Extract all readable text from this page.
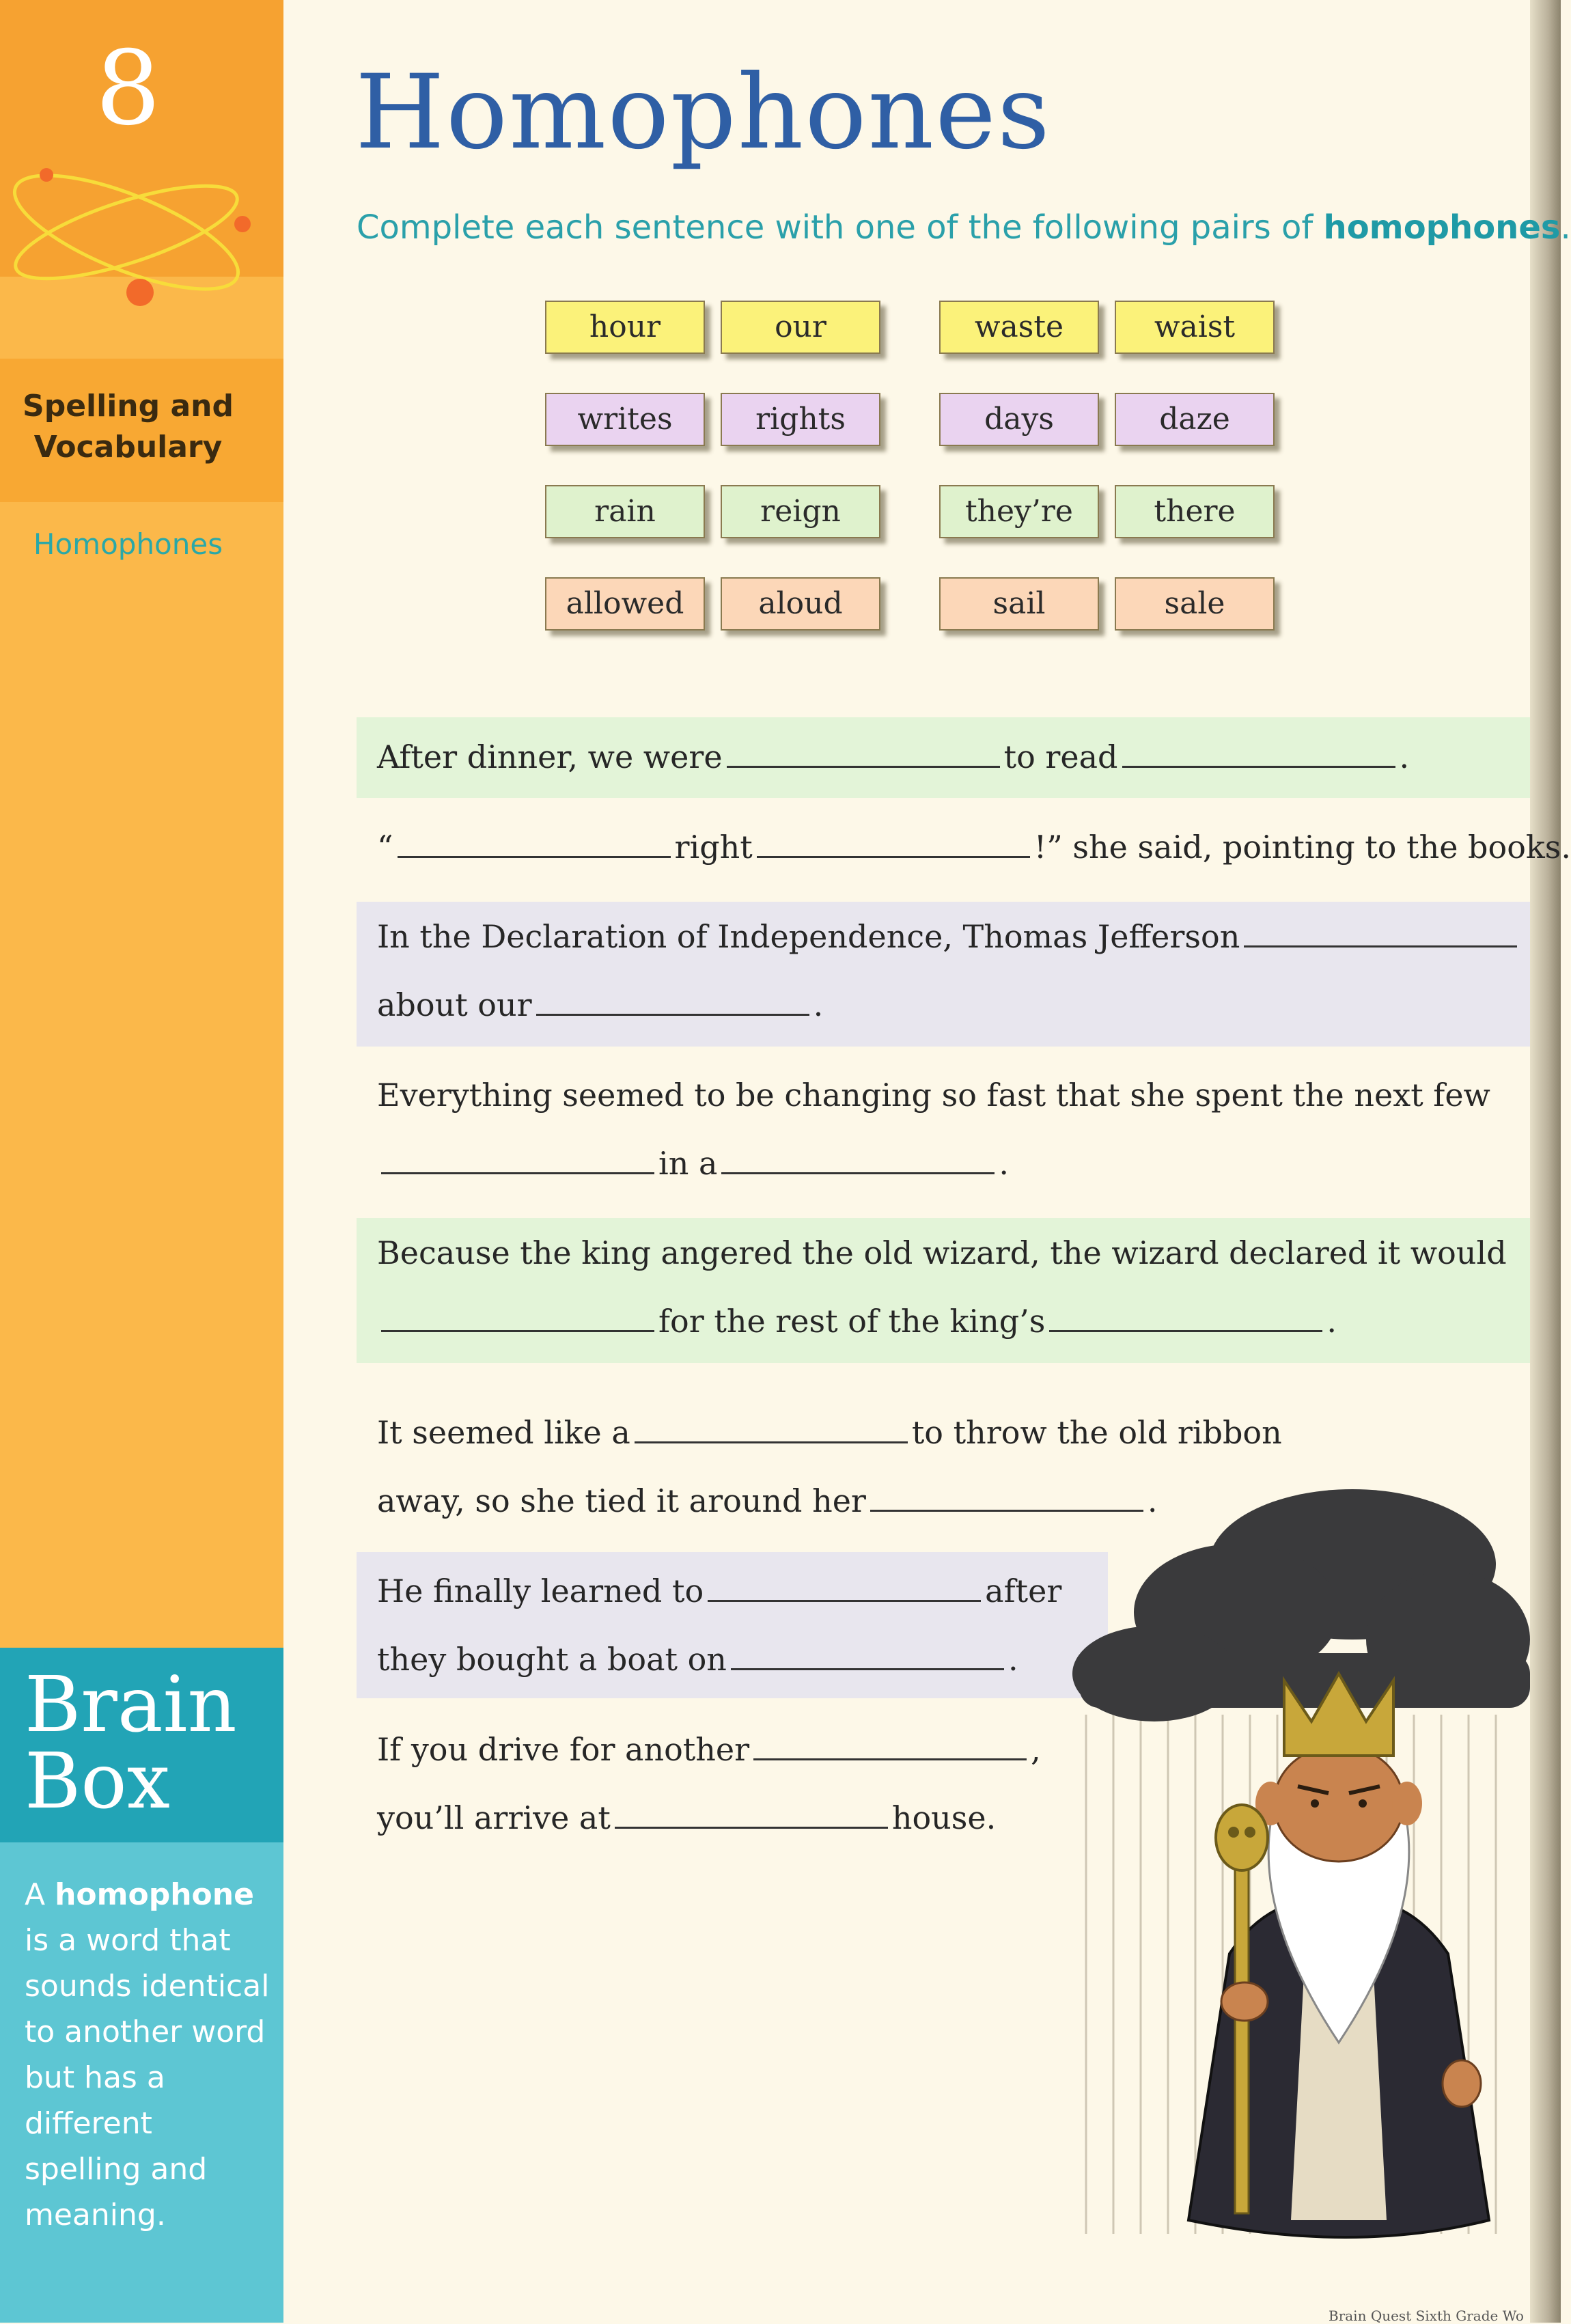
8
Spelling and
Vocabulary
Homophones
Brain
Box
A homophone is a word that sounds identical to another word but has a different spelling and meaning.
Homophones
Complete each sentence with one of the following pairs of homophones.
hour	our	waste	waist
writes	rights	days	daze
rain	reign	they’re	there
allowed	aloud	sail	sale
After dinner, we were	to read	.
“	right	!” she said, pointing to the books.
In the Declaration of Independence, Thomas Jefferson
about our	.
Everything seemed to be changing so fast that she spent the next few
in a	.
Because the king angered the old wizard, the wizard declared it would
for the rest of the king’s	.
It seemed like a	to throw the old ribbon
away, so she tied it around her	.
He finally learned to	after
they bought a boat on	.
If you drive for another	,
you’ll arrive at	house.
Brain Quest Sixth Grade Wo
